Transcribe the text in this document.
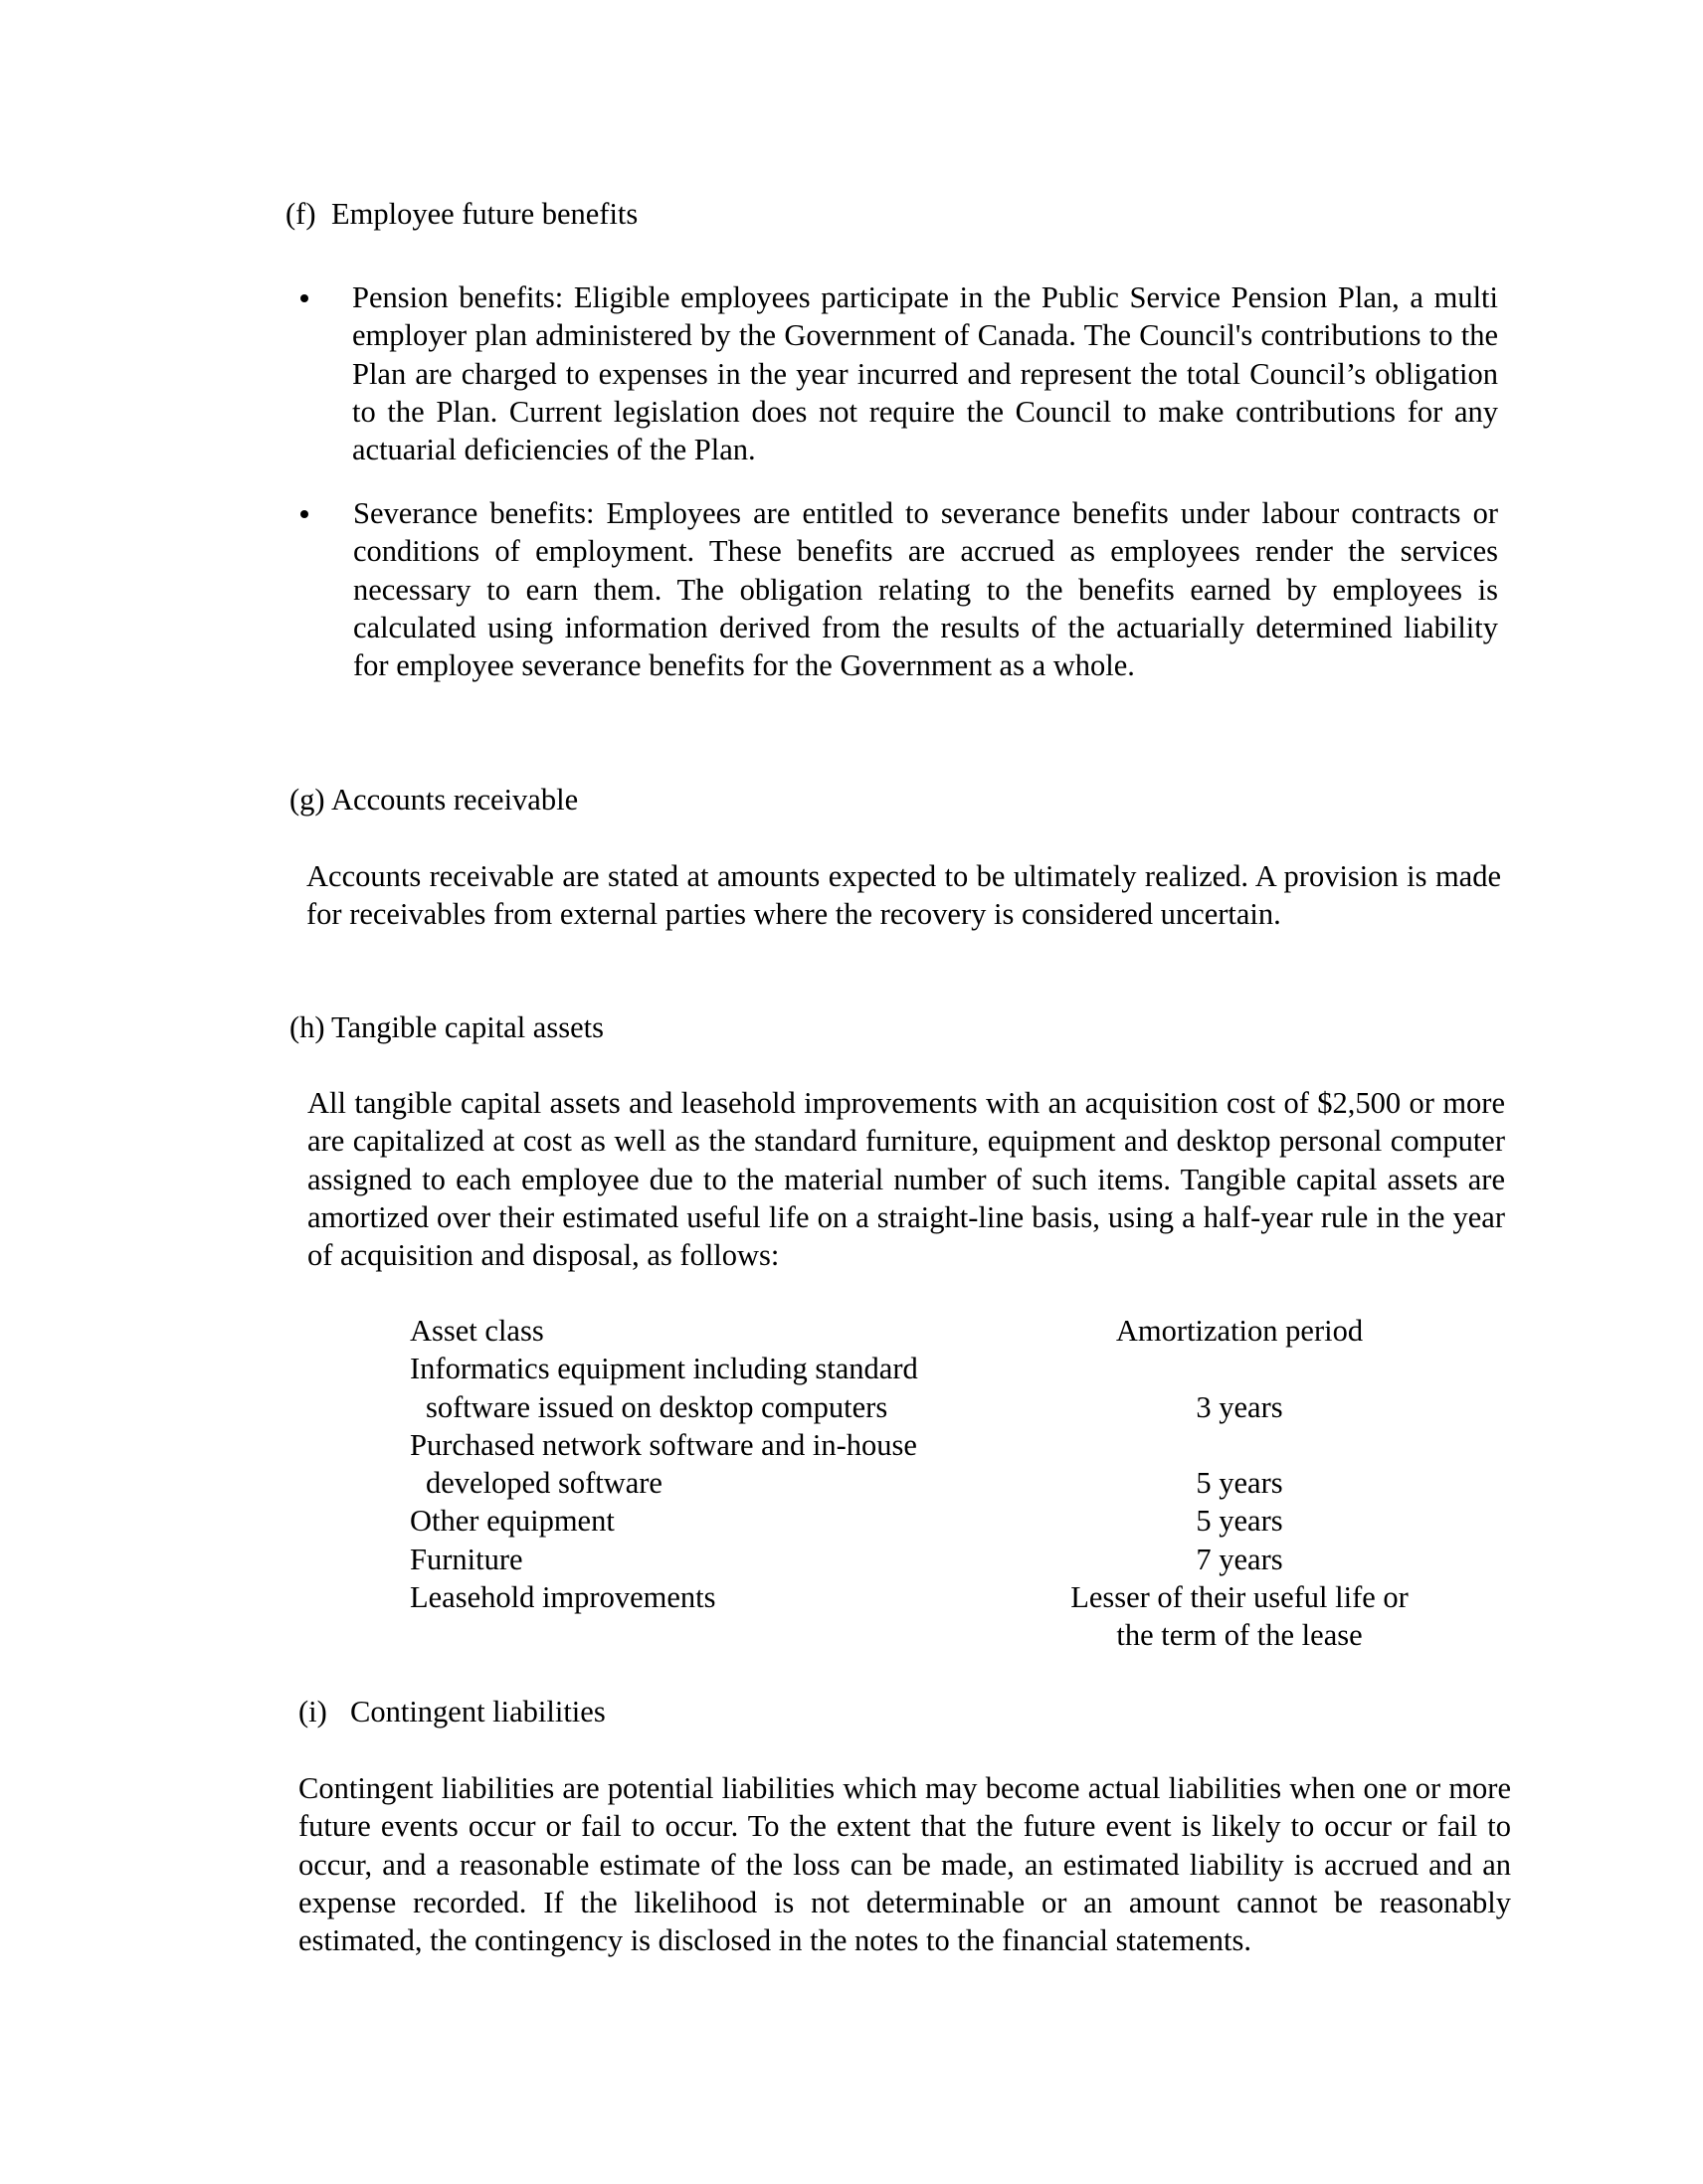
(f) Employee future benefits
Pension benefits: Eligible employees participate in the Public Service Pension Plan, a multi employer plan administered by the Government of Canada. The Council's contributions to the Plan are charged to expenses in the year incurred and represent the total Council’s obligation to the Plan. Current legislation does not require the Council to make contributions for any actuarial deficiencies of the Plan.
Severance benefits: Employees are entitled to severance benefits under labour contracts or conditions of employment. These benefits are accrued as employees render the services necessary to earn them. The obligation relating to the benefits earned by employees is calculated using information derived from the results of the actuarially determined liability for employee severance benefits for the Government as a whole.
(g) Accounts receivable
Accounts receivable are stated at amounts expected to be ultimately realized. A provision is made for receivables from external parties where the recovery is considered uncertain.
(h) Tangible capital assets
All tangible capital assets and leasehold improvements with an acquisition cost of $2,500 or more are capitalized at cost as well as the standard furniture, equipment and desktop personal computer assigned to each employee due to the material number of such items. Tangible capital assets are amortized over their estimated useful life on a straight-line basis, using a half-year rule in the year of acquisition and disposal, as follows:
Asset class	Amortization period
Informatics equipment including standard
software issued on desktop computers	3 years
Purchased network software and in-house
developed software	5 years
Other equipment	5 years
Furniture	7 years
Leasehold improvements	Lesser of their useful life or
the term of the lease
(i) Contingent liabilities
Contingent liabilities are potential liabilities which may become actual liabilities when one or more future events occur or fail to occur. To the extent that the future event is likely to occur or fail to occur, and a reasonable estimate of the loss can be made, an estimated liability is accrued and an expense recorded. If the likelihood is not determinable or an amount cannot be reasonably estimated, the contingency is disclosed in the notes to the financial statements.
